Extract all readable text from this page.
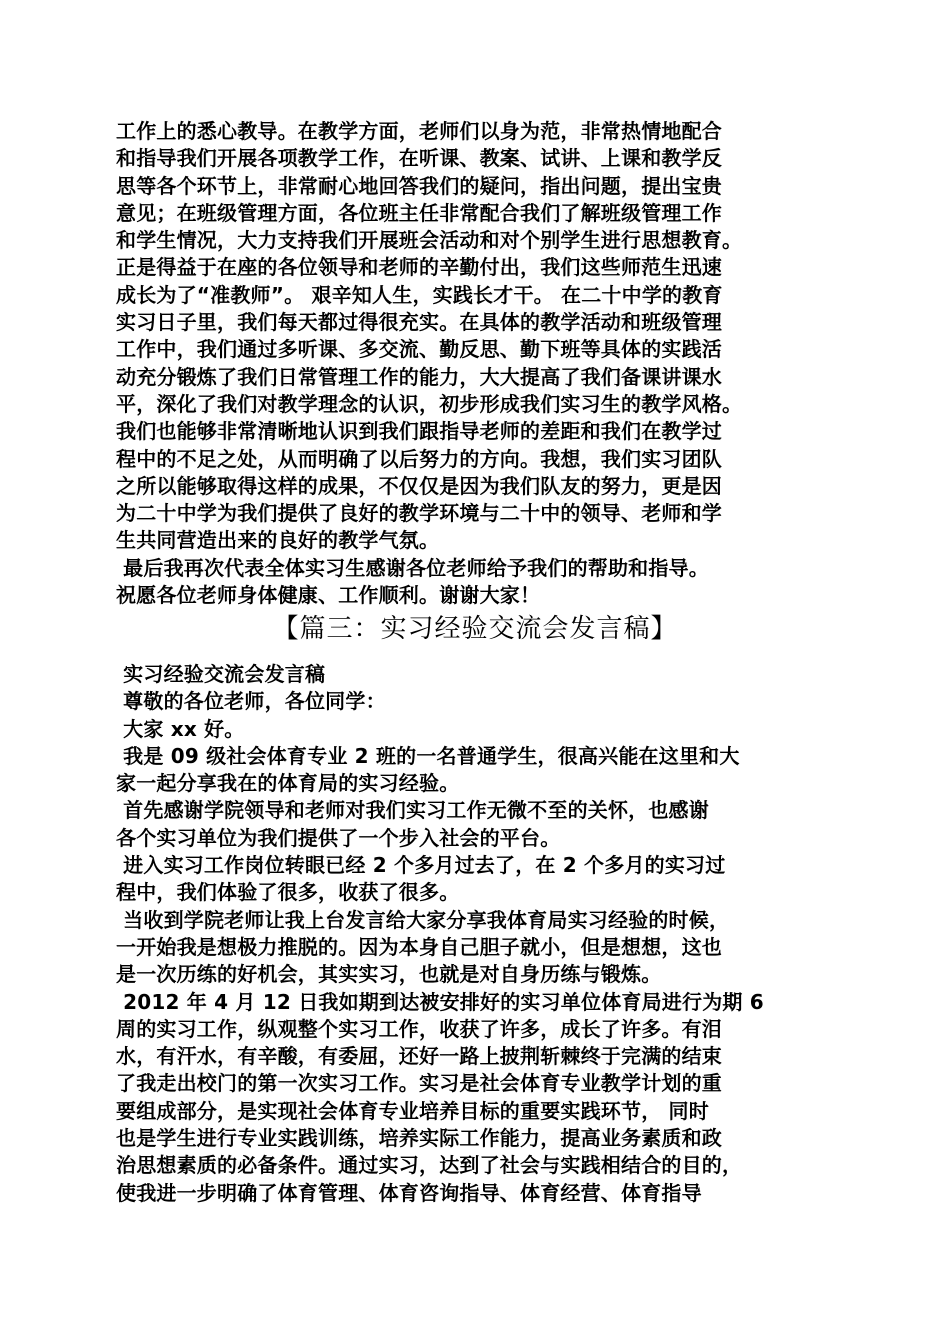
工作上的悉心教导。在教学方面，老师们以身为范，非常热情地配合
和指导我们开展各项教学工作，在听课、教案、试讲、上课和教学反
思等各个环节上，非常耐心地回答我们的疑问，指出问题，提出宝贵
意见；在班级管理方面，各位班主任非常配合我们了解班级管理工作
和学生情况，大力支持我们开展班会活动和对个别学生进行思想教育。
正是得益于在座的各位领导和老师的辛勤付出，我们这些师范生迅速
成长为了“准教师”。 艰辛知人生，实践长才干。 在二十中学的教育
实习日子里，我们每天都过得很充实。在具体的教学活动和班级管理
工作中，我们通过多听课、多交流、勤反思、勤下班等具体的实践活
动充分锻炼了我们日常管理工作的能力，大大提高了我们备课讲课水
平，深化了我们对教学理念的认识，初步形成我们实习生的教学风格。
我们也能够非常清晰地认识到我们跟指导老师的差距和我们在教学过
程中的不足之处，从而明确了以后努力的方向。我想，我们实习团队
之所以能够取得这样的成果，不仅仅是因为我们队友的努力，更是因
为二十中学为我们提供了良好的教学环境与二十中的领导、老师和学
生共同营造出来的良好的教学气氛。
最后我再次代表全体实习生感谢各位老师给予我们的帮助和指导。
祝愿各位老师身体健康、工作顺利。谢谢大家！
【篇三：实习经验交流会发言稿】
实习经验交流会发言稿
尊敬的各位老师，各位同学：
大家 xx 好。
我是 09 级社会体育专业 2 班的一名普通学生，很高兴能在这里和大
家一起分享我在的体育局的实习经验。
首先感谢学院领导和老师对我们实习工作无微不至的关怀，也感谢
各个实习单位为我们提供了一个步入社会的平台。
进入实习工作岗位转眼已经 2 个多月过去了，在 2 个多月的实习过
程中，我们体验了很多，收获了很多。
当收到学院老师让我上台发言给大家分享我体育局实习经验的时候，
一开始我是想极力推脱的。因为本身自己胆子就小，但是想想，这也
是一次历练的好机会，其实实习，也就是对自身历练与锻炼。
2012 年 4 月 12 日我如期到达被安排好的实习单位体育局进行为期 6
周的实习工作，纵观整个实习工作，收获了许多，成长了许多。有泪
水，有汗水，有辛酸，有委屈，还好一路上披荆斩棘终于完满的结束
了我走出校门的第一次实习工作。实习是社会体育专业教学计划的重
要组成部分，是实现社会体育专业培养目标的重要实践环节， 同时
也是学生进行专业实践训练，培养实际工作能力，提高业务素质和政
治思想素质的必备条件。通过实习，达到了社会与实践相结合的目的，
使我进一步明确了体育管理、体育咨询指导、体育经营、体育指导
